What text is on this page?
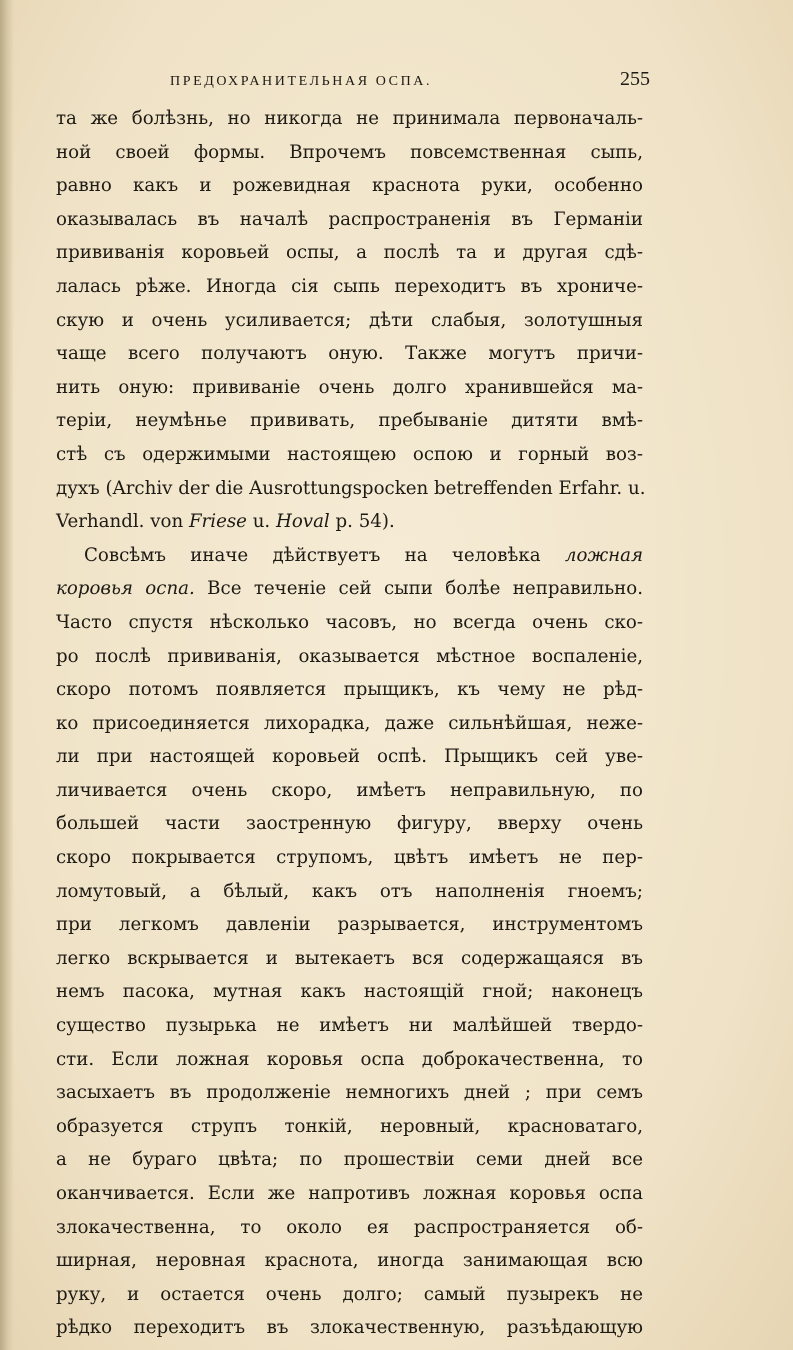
ПРЕДОХРАНИТЕЛЬНАЯ ОСПА.	255
та же болѣзнь, но никогда не принимала первоначаль-
ной своей формы. Впрочемъ повсемственная сыпь,
равно какъ и рожевидная краснота руки, особенно
оказывалась въ началѣ распространенія въ Германіи
прививанія коровьей оспы, а послѣ та и другая сдѣ-
лалась рѣже. Иногда сія сыпь переходитъ въ хрониче-
скую и очень усиливается; дѣти слабыя, золотушныя
чаще всего получаютъ оную. Также могутъ причи-
нить оную: прививаніе очень долго хранившейся ма-
теріи, неумѣнье прививать, пребываніе дитяти вмѣ-
стѣ съ одержимыми настоящею оспою и горный воз-
духъ (Archiv der die Ausrottungspocken betreffenden Erfahr. u.
Verhandl. von Friese u. Hoval p. 54).
Совсѣмъ иначе дѣйствуетъ на человѣка ложная
коровья оспа. Все теченіе сей сыпи болѣе неправильно.
Часто спустя нѣсколько часовъ, но всегда очень ско-
ро послѣ прививанія, оказывается мѣстное воспаленіе,
скоро потомъ появляется прыщикъ, къ чему не рѣд-
ко присоединяется лихорадка, даже сильнѣйшая, неже-
ли при настоящей коровьей оспѣ. Прыщикъ сей уве-
личивается очень скоро, имѣетъ неправильную, по
большей части заостренную фигуру, вверху очень
скоро покрывается струпомъ, цвѣтъ имѣетъ не пер-
ломутовый, а бѣлый, какъ отъ наполненія гноемъ;
при легкомъ давленіи разрывается, инструментомъ
легко вскрывается и вытекаетъ вся содержащаяся въ
немъ пасока, мутная какъ настоящій гной; наконецъ
существо пузырька не имѣетъ ни малѣйшей твердо-
сти. Если ложная коровья оспа доброкачественна, то
засыхаетъ въ продолженіе немногихъ дней ; при семъ
образуется струпъ тонкій, неровный, красноватаго,
а не бураго цвѣта; по прошествіи семи дней все
оканчивается. Если же напротивъ ложная коровья оспа
злокачественна, то около ея распространяется об-
ширная, неровная краснота, иногда занимающая всю
руку, и остается очень долго; самый пузырекъ не
рѣдко переходитъ въ злокачественную, разъѣдающую
